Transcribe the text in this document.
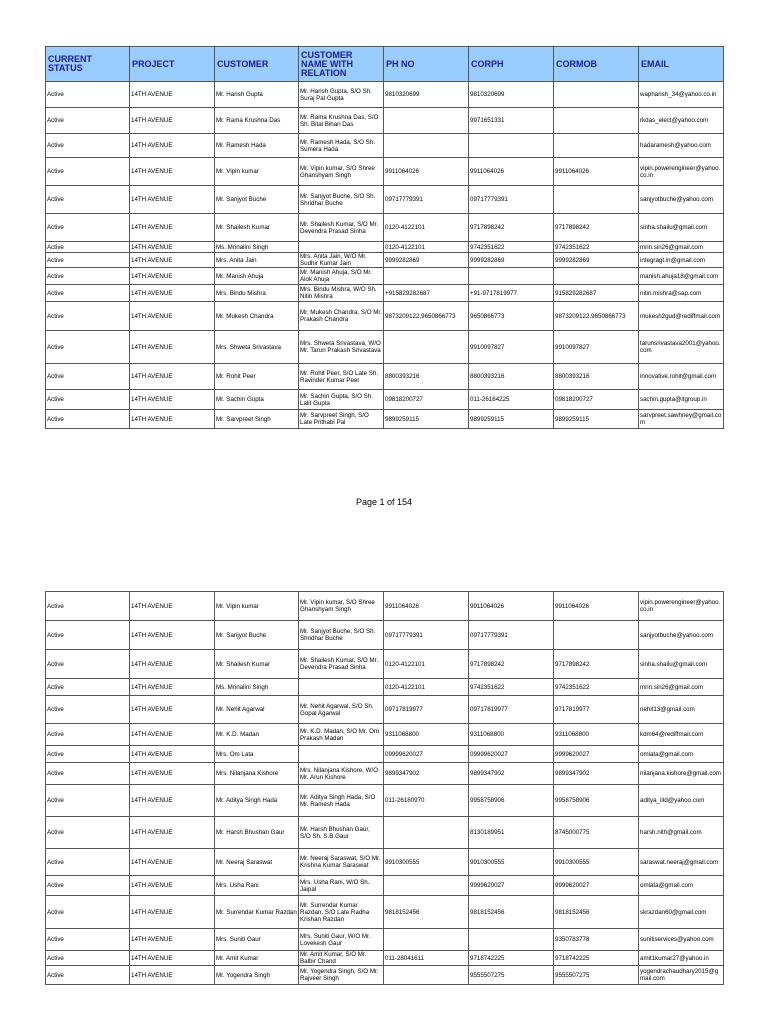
CURRENT STATUS	PROJECT	CUSTOMER	CUSTOMER NAME WITH RELATION	PH NO	CORPH	CORMOB	EMAIL
Active	14TH AVENUE	Mr. Harish Gupta	Mr. Harish Gupta, S/O Sh. Suraj Pal Gupta	9810320699	9810320699		wapharish_34@yahoo.co.in
Active	14TH AVENUE	Mr. Rama Krushna Das	Mr. Rama Krushna Das, S/O Sh. Bitai Bihari Das		9971651331		rkdas_elect@yahoo.com
Active	14TH AVENUE	Mr. Ramesh Hada	Mr. Ramesh Hada, S/O Sh. Sumera Hada				hadaramesh@yahoo.com
Active	14TH AVENUE	Mr. Vipin kumar	Mr. Vipin kumar, S/O Shree Ghanshyam Singh	9911064026	9911064026	9911064026	vipin.powerengineer@yahoo.co.in
Active	14TH AVENUE	Mr. Sanjyot Buche	Mr. Sanjyot Buche, S/O Sh. Shridhar Buche	09717779391	09717779391		sanjyotbuche@yahoo.com
Active	14TH AVENUE	Mr. Shailesh Kumar	Mr. Shailesh Kumar, S/O Mr. Devendra Prasad Sinha	0120-4122101	9717898242	9717898242	sinha.shailu@gmail.com
Active	14TH AVENUE	Ms. Mrinalini Singh		0120-4122101	9742351622	9742351622	mrin.sin26@gmail.com
Active	14TH AVENUE	Mrs. Anita Jain	Mrs. Anita Jain, W/O Mr. Sudhir Kumar Jain	9999282869	9999282869	9999282869	integragt.in@gmail.com
Active	14TH AVENUE	Mr. Manish Ahuja	Mr. Manish Ahuja, S/O Mr. Alok Ahuja				manish.ahuja18@gmail.com
Active	14TH AVENUE	Mrs. Bindu Mishra	Mrs. Bindu Mishra, W/O Sh. Nitin Mishra	+915829282687	+91-9717819977	915829282687	nitin.mishra@sap.com
Active	14TH AVENUE	Mr. Mukesh Chandra	Mr. Mukesh Chandra, S/O Mr. Prakash Chandra	9873209122,9650866773	9650866773	9873209122,9650866773	mukesh2gud@rediffmail.com
Active	14TH AVENUE	Mrs. Shweta Srivastava	Mrs. Shweta Srivastava, W/O Mr. Tarun Prakash Srivastava		9910097827	9910097827	tarunsrivastava2001@yahoo.com
Active	14TH AVENUE	Mr. Rohit Peer	Mr. Rohit Peer, S/O Late Sh. Ravinder Kumar Peer	8800393216	8800393216	8800393216	innovative.rohit@gmail.com
Active	14TH AVENUE	Mr. Sachin Gupta	Mr. Sachin Gupta, S/O Sh. Lalit Gupta	09818200727	011-26164225	09818200727	sachin.gupta@itgroup.in
Active	14TH AVENUE	Mr. Sarvpreet Singh	Mr. Sarvpreet Singh, S/O Late Prithabi Pal	9899259115	9899259115	9899259115	sarvpreet.sawhney@gmail.com
Page 1 of 154
Active	14TH AVENUE	Mr. Vipin kumar	Mr. Vipin kumar, S/O Shree Ghanshyam Singh	9911064026	9911064026	9911064026	vipin.powerengineer@yahoo.co.in
Active	14TH AVENUE	Mr. Sanjyot Buche	Mr. Sanjyot Buche, S/O Sh. Shridhar Buche	09717779391	09717779391		sanjyotbuche@yahoo.com
Active	14TH AVENUE	Mr. Shailesh Kumar	Mr. Shailesh Kumar, S/O Mr. Devendra Prasad Sinha	0120-4122101	9717898242	9717898242	sinha.shailu@gmail.com
Active	14TH AVENUE	Ms. Mrinalini Singh		0120-4122101	9742351622	9742351622	mrin.sin26@gmail.com
Active	14TH AVENUE	Mr. Nehit Agarwal	Mr. Nehit Agarwal, S/O Sh. Gopal Agarwal	09717819977	09717819977	9717819977	nehit13@gmail.com
Active	14TH AVENUE	Mr. K.D. Madan	Mr. K.D. Madan, S/O Mr. Om Prakash Madan	9311068800	9311068800	9311068800	kdm64@rediffmail.com
Active	14TH AVENUE	Mrs. Om Lata		09999620027	09999620027	9999620027	omlata@gmail.com
Active	14TH AVENUE	Mrs. Nilanjana Kishore	Mrs. Nilanjana Kishore, W/O Mr. Arun Kishore	9899347902	9899347902	9899347902	nilanjana.kishore@gmail.com
Active	14TH AVENUE	Mr. Aditya Singh Hada	Mr. Aditya Singh Hada, S/O Mr. Ramesh Hada	011-26180970	9958758906	9958758906	aditya_iitd@yahoo.com
Active	14TH AVENUE	Mr. Harsh Bhushan Gaur	Mr. Harsh Bhushan Gaur, S/O Sh. S.B.Gaur		8130189951	8745000775	harsh.nith@gmail.com
Active	14TH AVENUE	Mr. Neeraj Saraswat	Mr. Neeraj Saraswat, S/O Mr. Krishna Kumar Saraswat	9910300555	9910300555	9910300555	saraswat.neeraj@gmail.com
Active	14TH AVENUE	Mrs. Usha Rani	Mrs. Usha Rani, W/O Sh. Jaipal		9999620027	9999620027	omlata@gmail.com
Active	14TH AVENUE	Mr. Surrendar Kumar Razdan	Mr. Surrendar Kumar Razdan, S/O Late Radha Krishan Razdan	9818152456	9818152456	9818152456	skrazdan60@gmail.com
Active	14TH AVENUE	Mrs. Suniti Gaur	Mrs. Suniti Gaur, W/O Mr. Lovekesh Gaur			9350783778	sunitiservices@yahoo.com
Active	14TH AVENUE	Mr. Amit Kumar	Mr. Amit Kumar, S/O Mr. Balbir Chand	011-28041611	9718742225	9718742225	amit1kumar27@yahoo.in
Active	14TH AVENUE	Mr. Yogendra Singh	Mr. Yogendra Singh, S/O Mr. Rajveer Singh		9555507275	9555507275	yogendrachaudhary2015@gmail.com
